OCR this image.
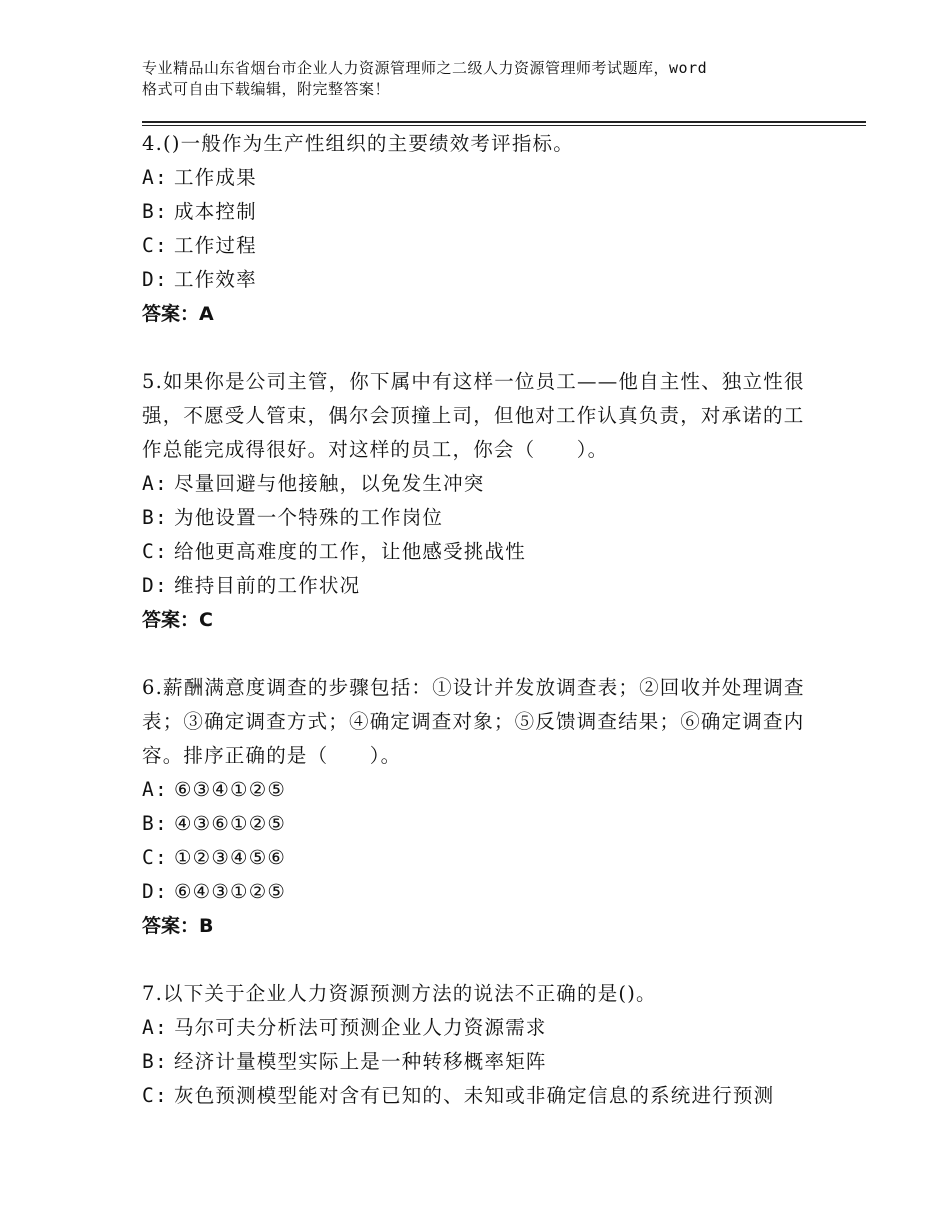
专业精品山东省烟台市企业人力资源管理师之二级人力资源管理师考试题库，word
格式可自由下载编辑，附完整答案！

4.()一般作为生产性组织的主要绩效考评指标。

A: 工作成果

B: 成本控制

C: 工作过程

D: 工作效率

答案：A

5.如果你是公司主管，你下属中有这样一位员工——他自主性、独立性很强，不愿受人管束，偶尔会顶撞上司，但他对工作认真负责，对承诺的工作总能完成得很好。对这样的员工，你会（　　）。

A: 尽量回避与他接触，以免发生冲突

B: 为他设置一个特殊的工作岗位

C: 给他更高难度的工作，让他感受挑战性

D: 维持目前的工作状况

答案：C

6.薪酬满意度调查的步骤包括：①设计并发放调查表；②回收并处理调查表；③确定调查方式；④确定调查对象；⑤反馈调查结果；⑥确定调查内容。排序正确的是（　　）。

A: ⑥③④①②⑤

B: ④③⑥①②⑤

C: ①②③④⑤⑥

D: ⑥④③①②⑤

答案：B

7.以下关于企业人力资源预测方法的说法不正确的是()。

A: 马尔可夫分析法可预测企业人力资源需求

B: 经济计量模型实际上是一种转移概率矩阵

C: 灰色预测模型能对含有已知的、未知或非确定信息的系统进行预测
